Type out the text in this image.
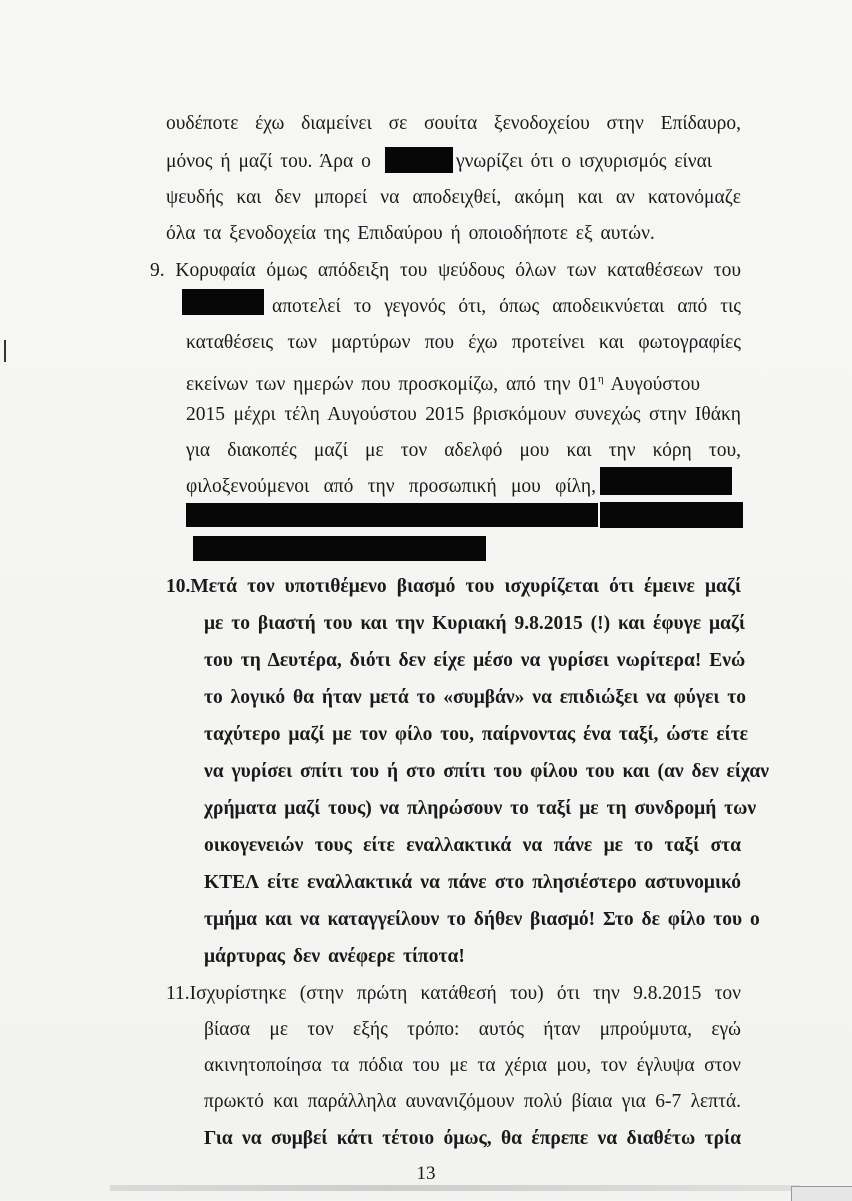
ουδέποτε έχω διαμείνει σε σουίτα ξενοδοχείου στην Επίδαυρο,
μόνος ή μαζί του. Άρα ο	γνωρίζει ότι ο ισχυρισμός είναι
ψευδής και δεν μπορεί να αποδειχθεί, ακόμη και αν κατονόμαζε
όλα τα ξενοδοχεία της Επιδαύρου ή οποιοδήποτε εξ αυτών.
9. Κορυφαία όμως απόδειξη του ψεύδους όλων των καταθέσεων του
αποτελεί το γεγονός ότι, όπως αποδεικνύεται από τις
καταθέσεις των μαρτύρων που έχω προτείνει και φωτογραφίες
εκείνων των ημερών που προσκομίζω, από την $01^\eta$ Αυγούστου
2015 μέχρι τέλη Αυγούστου 2015 βρισκόμουν συνεχώς στην Ιθάκη
για διακοπές μαζί με τον αδελφό μου και την κόρη του,
φιλοξενούμενοι από την προσωπική μου φίλη,
10.Μετά τον υποτιθέμενο βιασμό του ισχυρίζεται ότι έμεινε μαζί
με το βιαστή του και την Κυριακή 9.8.2015 (!) και έφυγε μαζί
του τη Δευτέρα, διότι δεν είχε μέσο να γυρίσει νωρίτερα! Ενώ
το λογικό θα ήταν μετά το «συμβάν» να επιδιώξει να φύγει το
ταχύτερο μαζί με τον φίλο του, παίρνοντας ένα ταξί, ώστε είτε
να γυρίσει σπίτι του ή στο σπίτι του φίλου του και (αν δεν είχαν
χρήματα μαζί τους) να πληρώσουν το ταξί με τη συνδρομή των
οικογενειών τους είτε εναλλακτικά να πάνε με το ταξί στα
ΚΤΕΛ είτε εναλλακτικά να πάνε στο πλησιέστερο αστυνομικό
τμήμα και να καταγγείλουν το δήθεν βιασμό! Στο δε φίλο του ο
μάρτυρας δεν ανέφερε τίποτα!
11.Ισχυρίστηκε (στην πρώτη κατάθεσή του) ότι την 9.8.2015 τον
βίασα με τον εξής τρόπο: αυτός ήταν μπρούμυτα, εγώ
ακινητοποίησα τα πόδια του με τα χέρια μου, τον έγλυψα στον
πρωκτό και παράλληλα αυνανιζόμουν πολύ βίαια για 6-7 λεπτά.
Για να συμβεί κάτι τέτοιο όμως, θα έπρεπε να διαθέτω τρία
13
